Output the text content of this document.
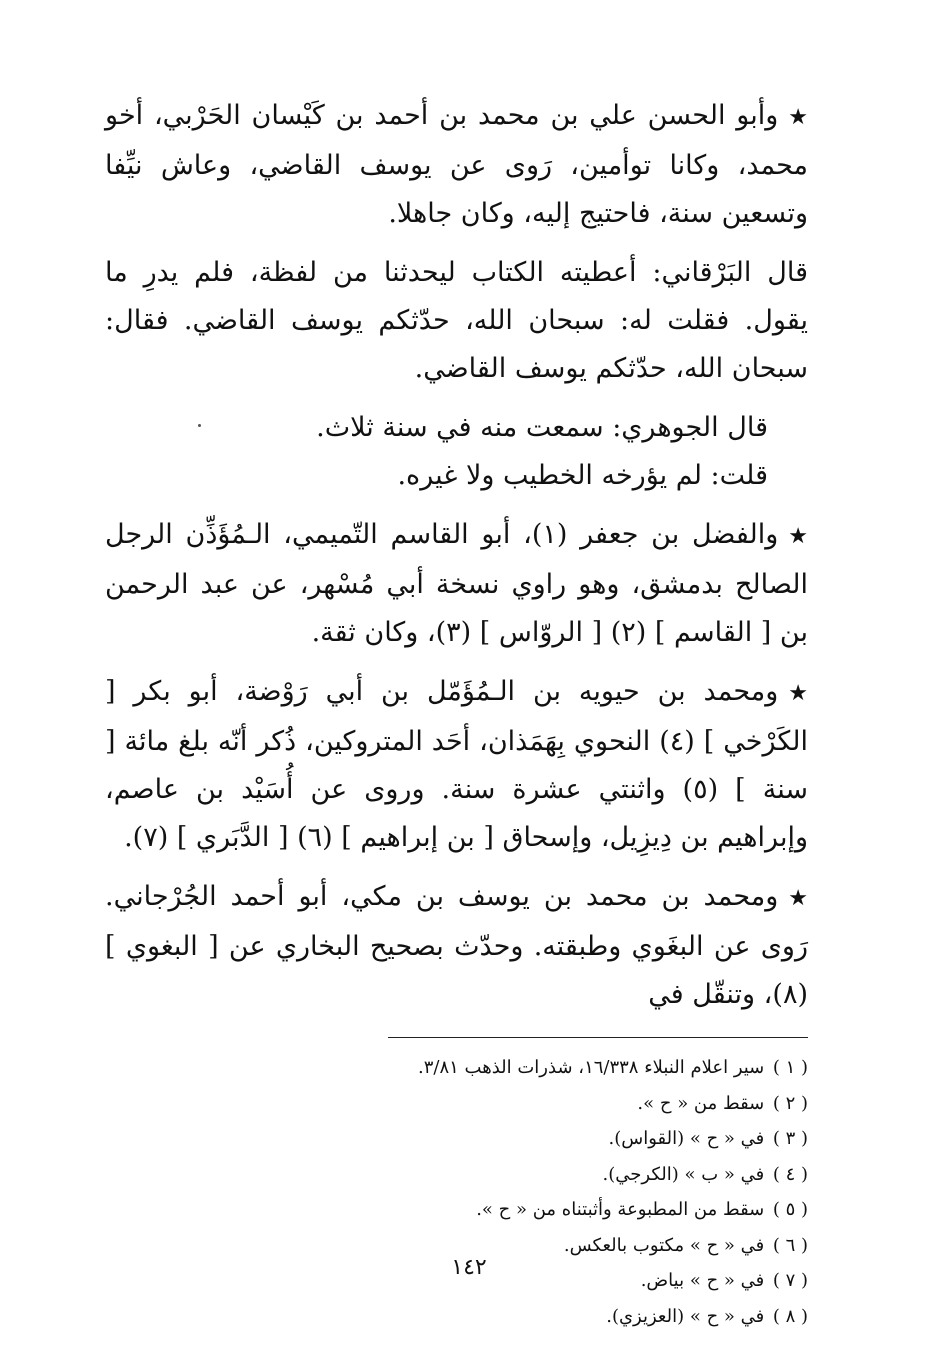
★وأبو الحسن علي بن محمد بن أحمد بن كَيْسان الحَرْبي، أخو محمد، وكانا توأمين، رَوى عن يوسف القاضي، وعاش نيِّفا وتسعين سنة، فاحتيج إليه، وكان جاهلا.

قال البَرْقاني: أعطيته الكتاب ليحدثنا من لفظة، فلم يدرِ ما يقول. فقلت له: سبحان الله، حدّثكم يوسف القاضي. فقال: سبحان الله، حدّثكم يوسف القاضي.

قال الجوهري: سمعت منه في سنة ثلاث.

قلت: لم يؤرخه الخطيب ولا غيره.

★والفضل بن جعفر (١)، أبو القاسم التّميمي، الـمُؤَذِّن الرجل الصالح بدمشق، وهو راوي نسخة أبي مُسْهر، عن عبد الرحمن بن [ القاسم ] (٢) [ الروّاس ] (٣)، وكان ثقة.

★ومحمد بن حيويه بن الـمُؤَمّل بن أبي رَوْضة، أبو بكر [ الكَرْخي ] (٤) النحوي بِهَمَذان، أحَد المتروكين، ذُكر أنّه بلغ مائة [ سنة ] (٥) واثنتي عشرة سنة. وروى عن أُسَيْد بن عاصم، وإبراهيم بن دِيزِيل، وإسحاق [ بن إبراهيم ] (٦) [ الدَّبَري ] (٧).

★ومحمد بن محمد بن يوسف بن مكي، أبو أحمد الجُرْجاني. رَوى عن البغَوي وطبقته. وحدّث بصحيح البخاري عن [ البغوي ] (٨)، وتنقّل في

( ١ ) سير اعلام النبلاء ١٦/٣٣٨، شذرات الذهب ٣/٨١.
( ٢ ) سقط من « ح ».
( ٣ ) في « ح » (القواس).
( ٤ ) في « ب » (الكرجي).
( ٥ ) سقط من المطبوعة وأثبتناه من « ح ».
( ٦ ) في « ح » مكتوب بالعكس.
( ٧ ) في « ح » بياض.
( ٨ ) في « ح » (العزيزي).
١٤٢
